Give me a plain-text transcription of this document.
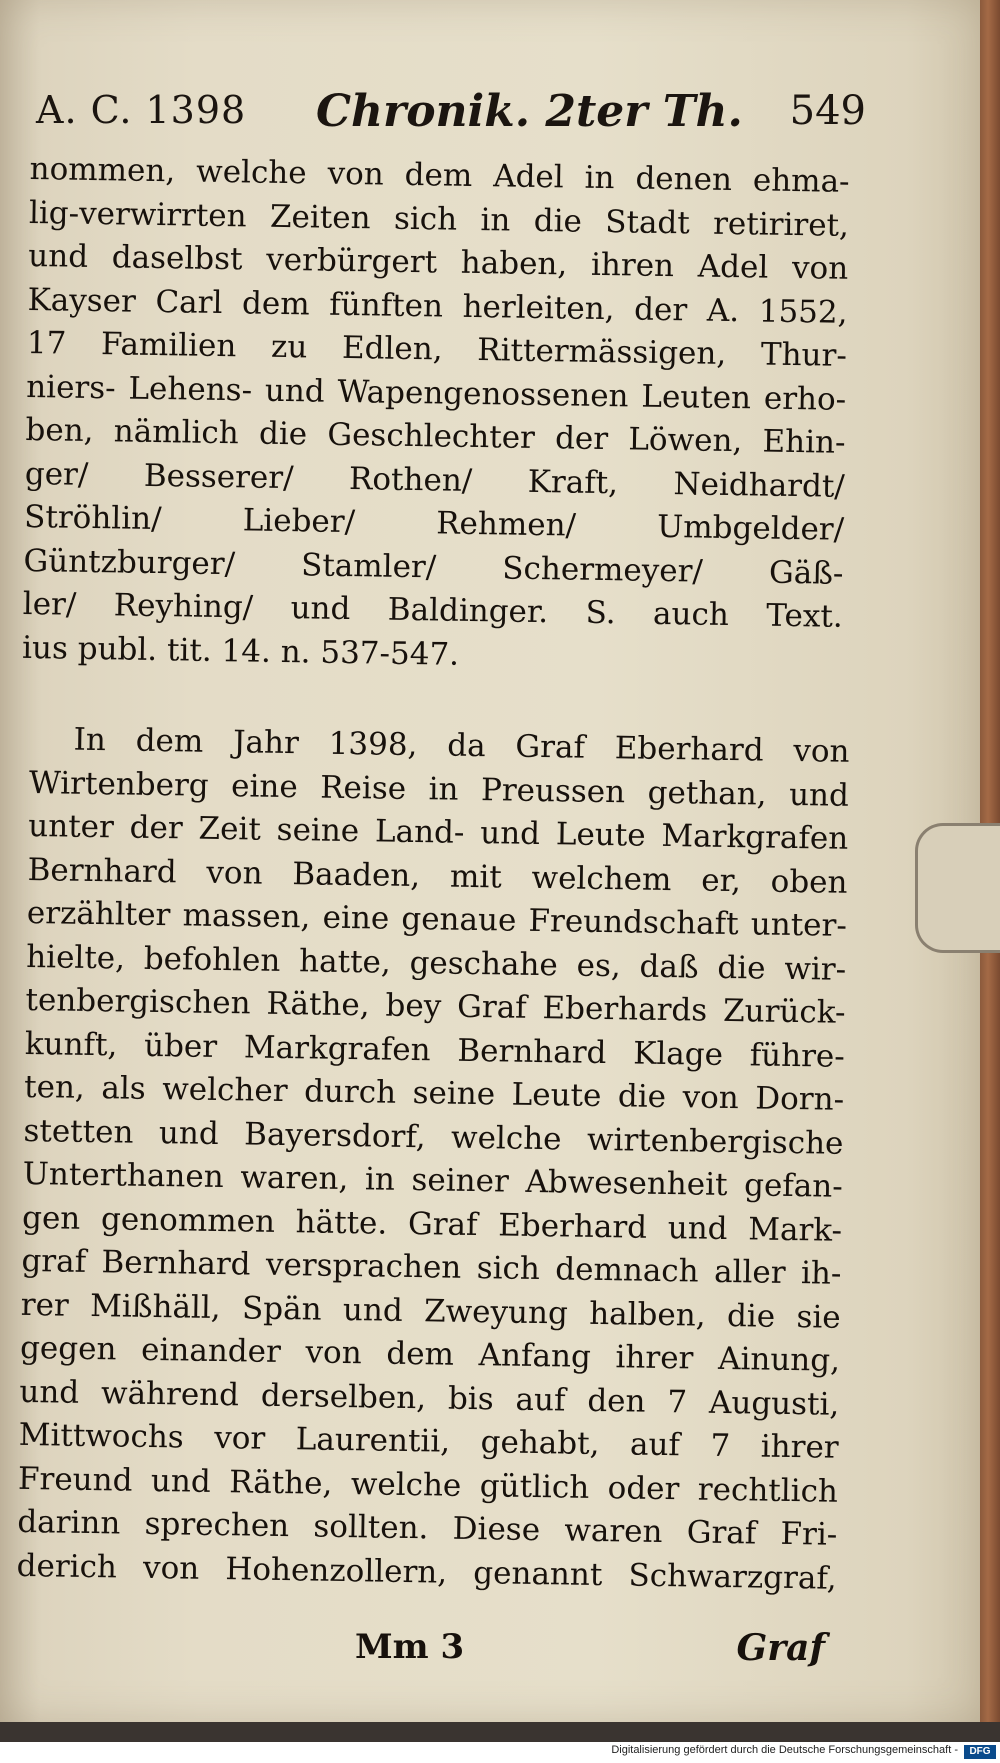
A. C. 1398 Chronik. 2ter Th. 549
nommen, welche von dem Adel in denen ehma-
lig-verwirrten Zeiten sich in die Stadt retiriret,
und daselbst verbürgert haben, ihren Adel von
Kayser Carl dem fünften herleiten, der A. 1552,
17 Familien zu Edlen, Rittermässigen, Thur-
niers- Lehens- und Wapengenossenen Leuten erho-
ben, nämlich die Geschlechter der Löwen, Ehin-
ger/ Besserer/ Rothen/ Kraft, Neidhardt/
Ströhlin/ Lieber/ Rehmen/ Umbgelder/
Güntzburger/ Stamler/ Schermeyer/ Gäß-
ler/ Reyhing/ und Baldinger. S. auch Text.
ius publ. tit. 14. n. 537-547.
In dem Jahr 1398, da Graf Eberhard von
Wirtenberg eine Reise in Preussen gethan, und
unter der Zeit seine Land- und Leute Markgrafen
Bernhard von Baaden, mit welchem er, oben
erzählter massen, eine genaue Freundschaft unter-
hielte, befohlen hatte, geschahe es, daß die wir-
tenbergischen Räthe, bey Graf Eberhards Zurück-
kunft, über Markgrafen Bernhard Klage führe-
ten, als welcher durch seine Leute die von Dorn-
stetten und Bayersdorf, welche wirtenbergische
Unterthanen waren, in seiner Abwesenheit gefan-
gen genommen hätte. Graf Eberhard und Mark-
graf Bernhard versprachen sich demnach aller ih-
rer Mißhäll, Spän und Zweyung halben, die sie
gegen einander von dem Anfang ihrer Ainung,
und während derselben, bis auf den 7 Augusti,
Mittwochs vor Laurentii, gehabt, auf 7 ihrer
Freund und Räthe, welche gütlich oder rechtlich
darinn sprechen sollten. Diese waren Graf Fri-
derich von Hohenzollern, genannt Schwarzgraf,
Mm 3	Graf
Digitalisierung gefördert durch die Deutsche Forschungsgemeinschaft -	DFG
